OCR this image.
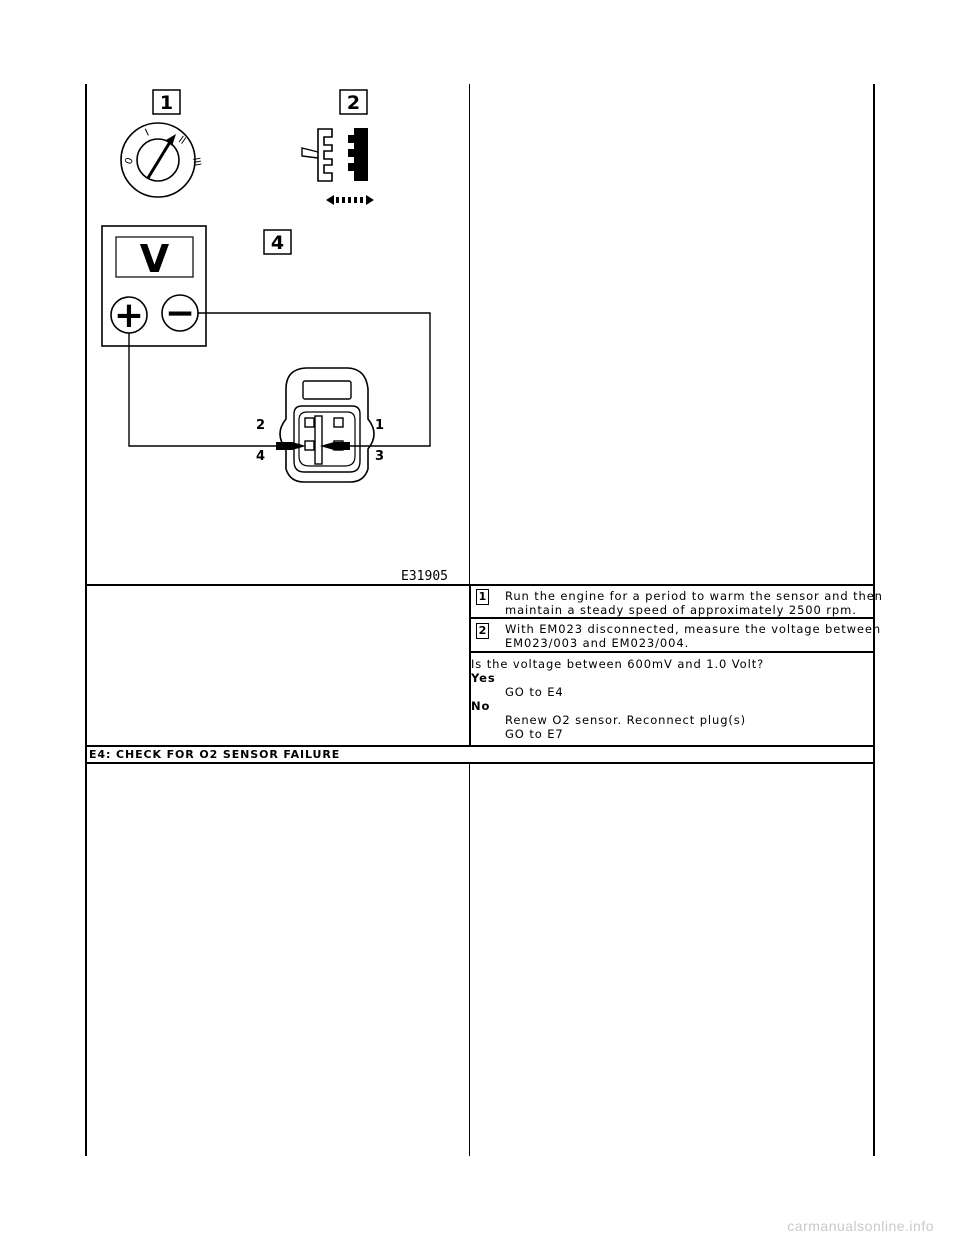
1	2
4
0
I
II
III
V
+ −
2	1
4	3
E31905
1 Run the engine for a period to warm the sensor and then
maintain a steady speed of approximately 2500 rpm.
2 With EM023 disconnected, measure the voltage between
EM023/003 and EM023/004.
Is the voltage between 600mV and 1.0 Volt?
Yes
GO to E4
No
Renew O2 sensor. Reconnect plug(s)
GO to E7
E4: CHECK FOR O2 SENSOR FAILURE
carmanualsonline.info
